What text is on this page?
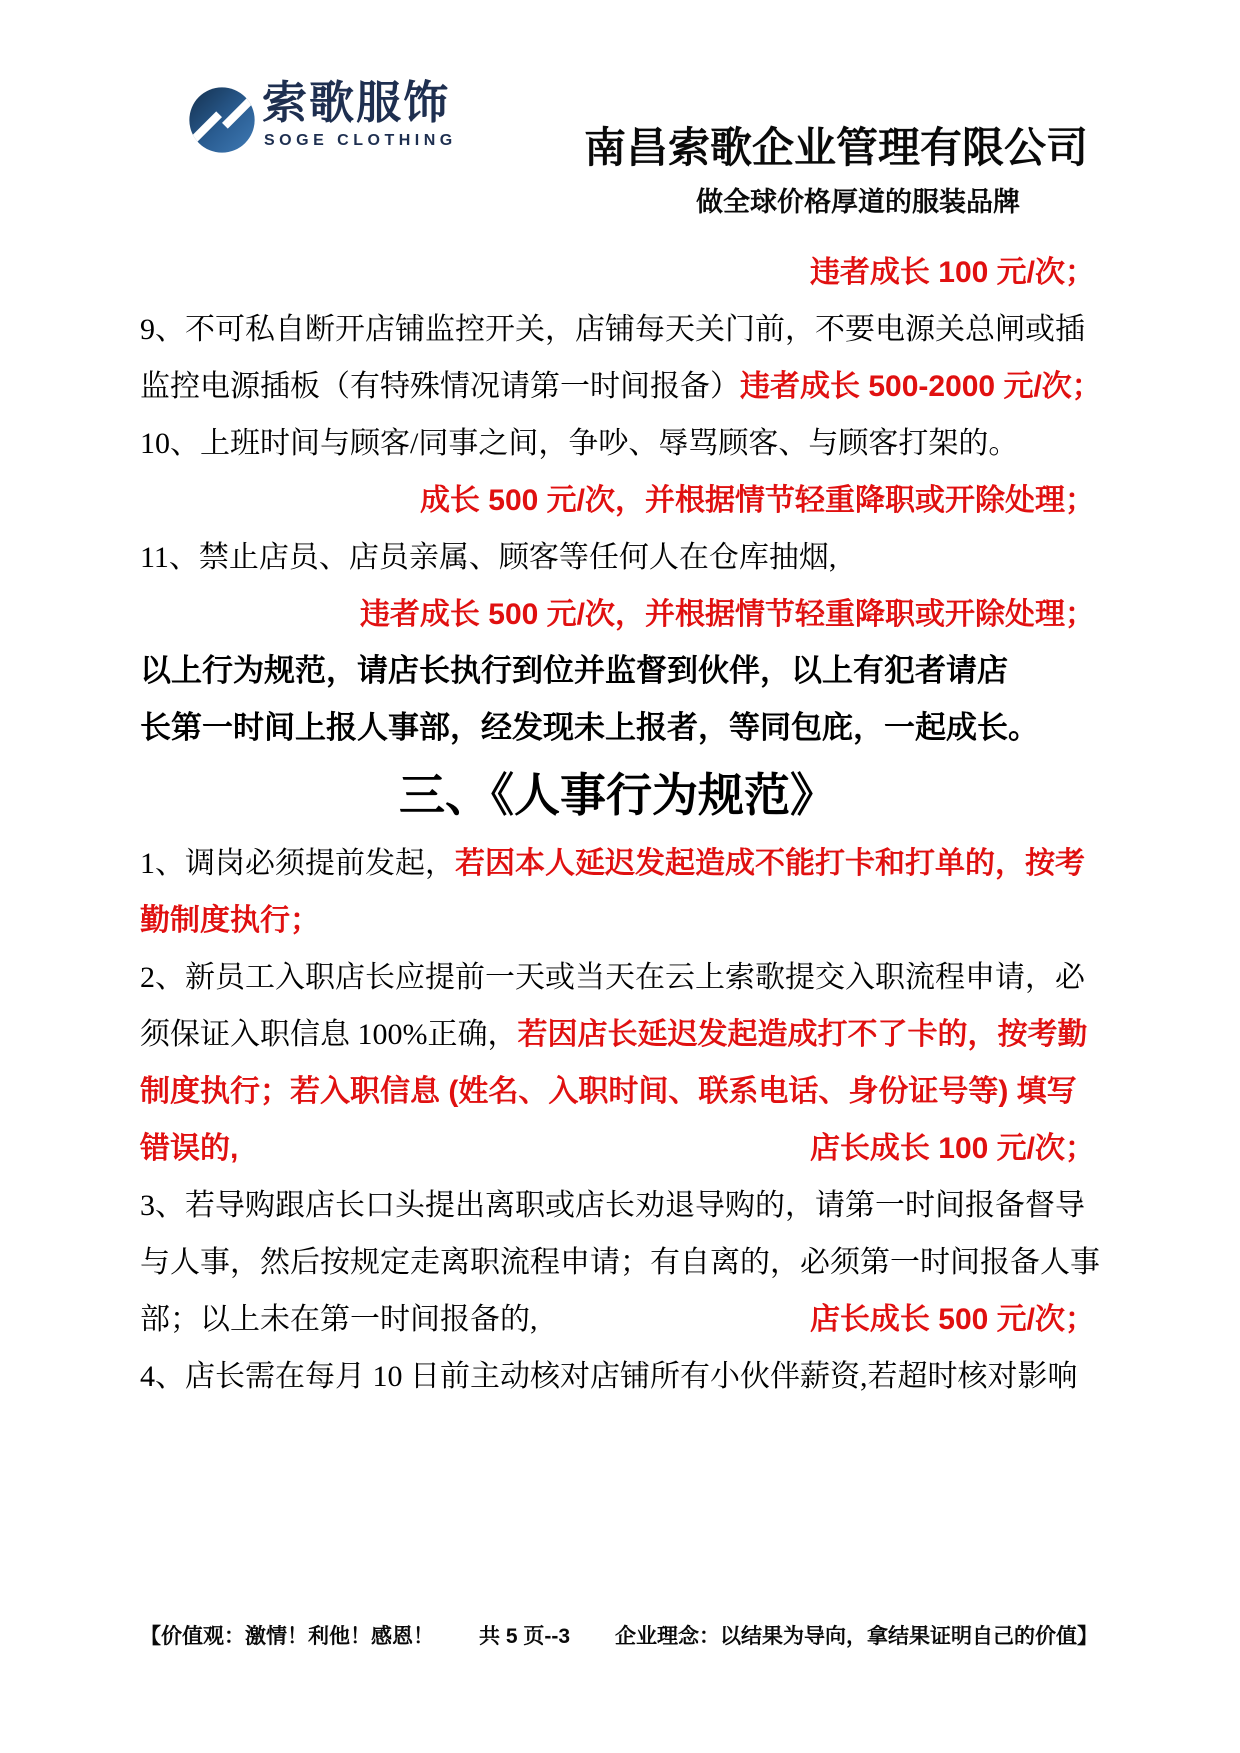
索歌服饰
SOGE CLOTHING	南昌索歌企业管理有限公司
做全球价格厚道的服装品牌
违者成长 100 元/次；
9、不可私自断开店铺监控开关，店铺每天关门前，不要电源关总闸或插
监控电源插板（有特殊情况请第一时间报备） 违者成长 500-2000 元/次；
10、上班时间与顾客/同事之间，争吵、辱骂顾客、与顾客打架的。
成长 500 元/次，并根据情节轻重降职或开除处理；
11、禁止店员、店员亲属、顾客等任何人在仓库抽烟,
违者成长 500 元/次，并根据情节轻重降职或开除处理；
以上行为规范，请店长执行到位并监督到伙伴，以上有犯者请店
长第一时间上报人事部，经发现未上报者，等同包庇，一起成长。
三、《人事行为规范》
1、调岗必须提前发起， 若因本人延迟发起造成不能打卡和打单的，按考
勤制度执行；
2、新员工入职店长应提前一天或当天在云上索歌提交入职流程申请，必
须保证入职信息 100%正确， 若因店长延迟发起造成打不了卡的，按考勤
制度执行；若入职信息 (姓名、入职时间、联系电话、身份证号等) 填写
错误的,	店长成长 100 元/次；
3、若导购跟店长口头提出离职或店长劝退导购的，请第一时间报备督导
与人事，然后按规定走离职流程申请；有自离的，必须第一时间报备人事
部；以上未在第一时间报备的,	店长成长 500 元/次；
4、店长需在每月 10 日前主动核对店铺所有小伙伴薪资,若超时核对影响
【价值观：激情！利他！感恩！ 共 5 页--3 企业理念：以结果为导向，拿结果证明自己的价值】
